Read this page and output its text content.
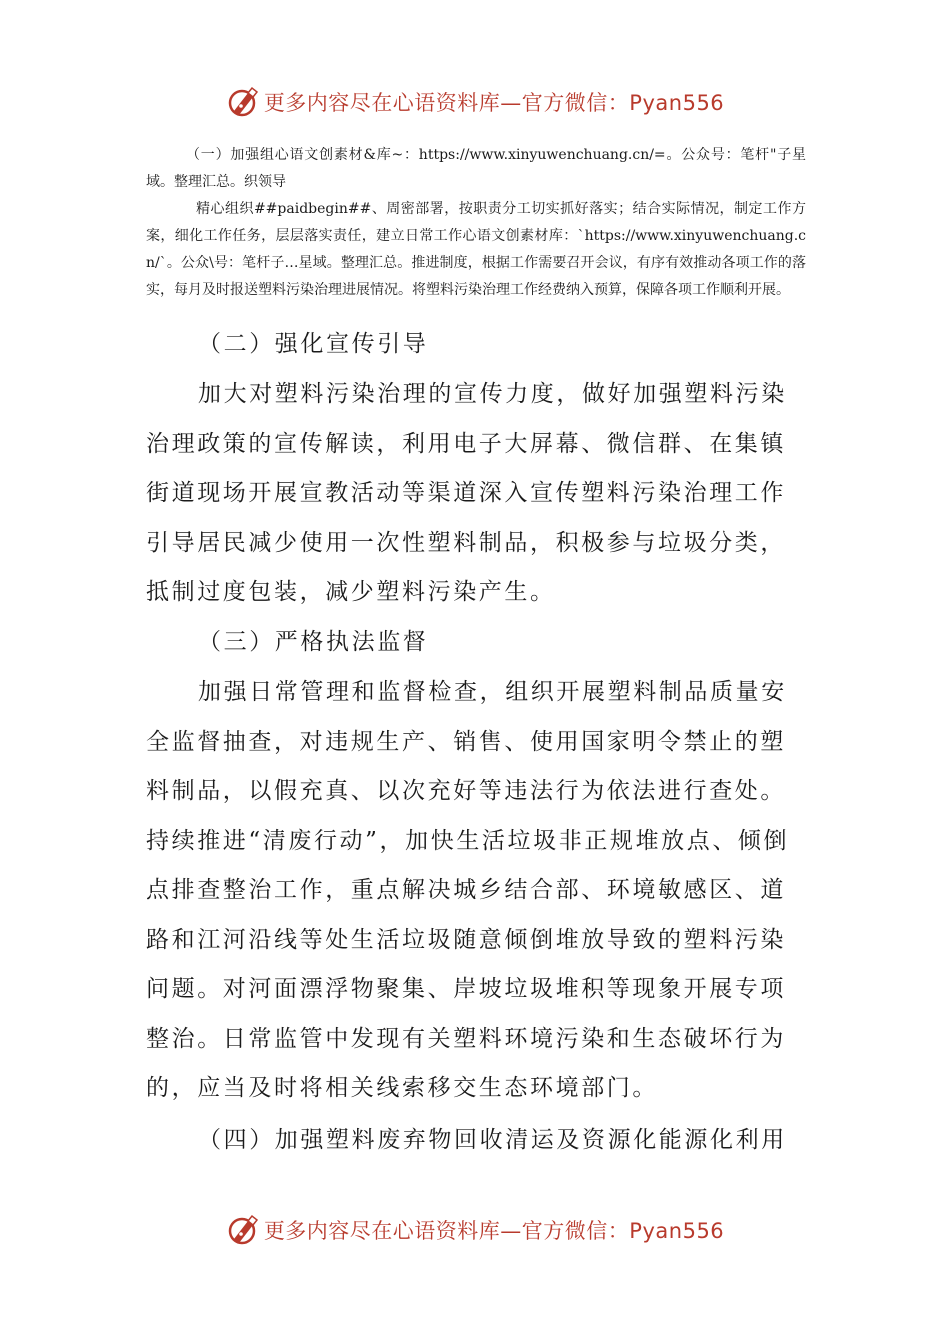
更多内容尽在心语资料库—官方微信：Pyan556

（一）加强组心语文创素材&库~：https://www.xinyuwenchuang.cn/=。公众号：笔杆"子星域。整理汇总。织领导

精心组织##paidbegin##、周密部署，按职责分工切实抓好落实；结合实际情况，制定工作方案，细化工作任务，层层落实责任，建立日常工作心语文创素材库：`https://www.xinyuwenchuang.cn/`。公众\号：笔杆子…星域。整理汇总。推进制度，根据工作需要召开会议，有序有效推动各项工作的落实，每月及时报送塑料污染治理进展情况。将塑料污染治理工作经费纳入预算，保障各项工作顺利开展。

（二）强化宣传引导

加大对塑料污染治理的宣传力度，做好加强塑料污染治理政策的宣传解读，利用电子大屏幕、微信群、在集镇街道现场开展宣教活动等渠道深入宣传塑料污染治理工作引导居民减少使用一次性塑料制品，积极参与垃圾分类，抵制过度包装，减少塑料污染产生。

（三）严格执法监督

加强日常管理和监督检查，组织开展塑料制品质量安全监督抽查，对违规生产、销售、使用国家明令禁止的塑料制品，以假充真、以次充好等违法行为依法进行查处。持续推进“清废行动”，加快生活垃圾非正规堆放点、倾倒点排查整治工作，重点解决城乡结合部、环境敏感区、道路和江河沿线等处生活垃圾随意倾倒堆放导致的塑料污染问题。对河面漂浮物聚集、岸坡垃圾堆积等现象开展专项整治。日常监管中发现有关塑料环境污染和生态破坏行为的，应当及时将相关线索移交生态环境部门。

（四）加强塑料废弃物回收清运及资源化能源化利用

更多内容尽在心语资料库—官方微信：Pyan556
